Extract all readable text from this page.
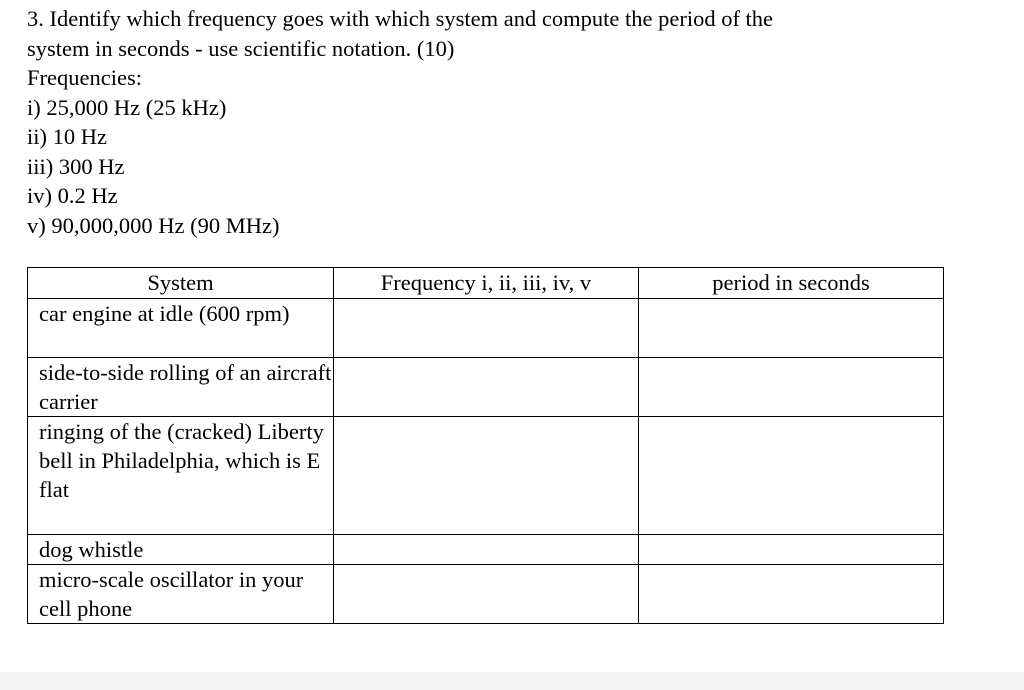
3. Identify which frequency goes with which system and compute the period of the

system in seconds - use scientific notation. (10)

Frequencies:

i) 25,000 Hz (25 kHz)
ii) 10 Hz
iii) 300 Hz
iv) 0.2 Hz
v) 90,000,000 Hz (90 MHz)
System	Frequency i, ii, iii, iv, v	period in seconds
car engine at idle (600 rpm)		
side-to-side rolling of an aircraft carrier		
ringing of the (cracked) Liberty bell in Philadelphia, which is E flat		
dog whistle		
micro-scale oscillator in your cell phone		
